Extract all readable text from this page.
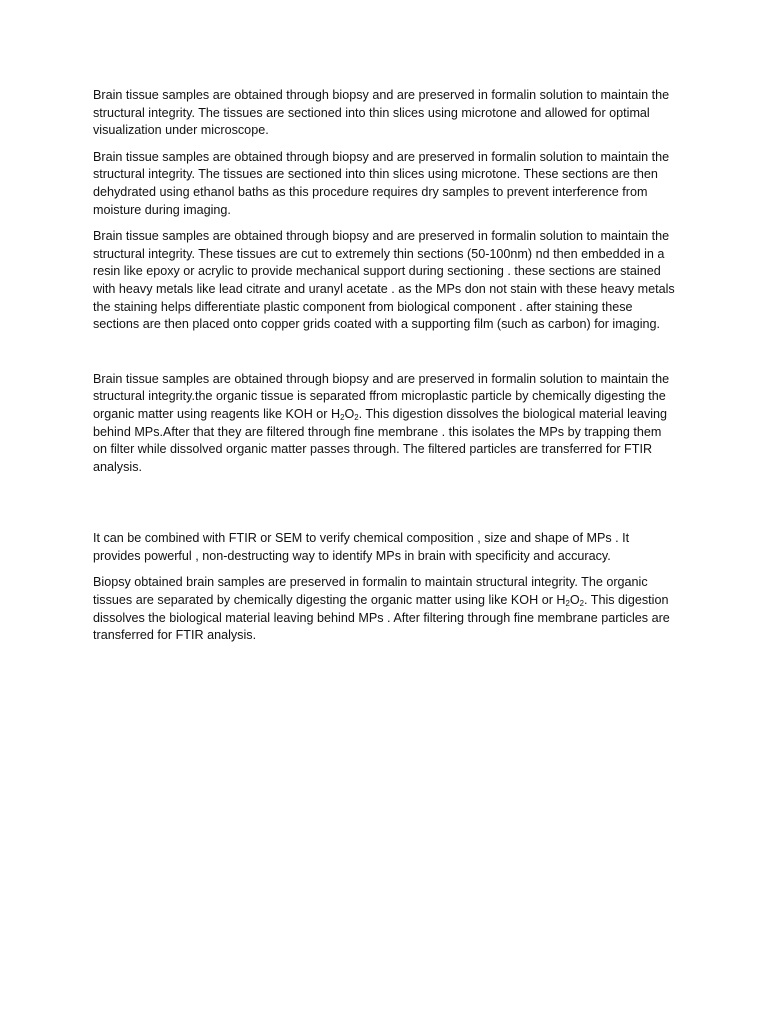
Brain tissue samples are obtained through biopsy and are preserved in formalin solution to maintain the structural integrity. The tissues are sectioned into thin slices using microtone and allowed for optimal visualization under microscope.

Brain tissue samples are obtained through biopsy and are preserved in formalin solution to maintain the structural integrity. The tissues are sectioned into thin slices using microtone. These sections are then dehydrated using ethanol baths as this procedure requires dry samples to prevent interference from moisture during imaging.

Brain tissue samples are obtained through biopsy and are preserved in formalin solution to maintain the structural integrity. These tissues are cut to extremely thin sections (50-100nm) nd then embedded in a resin like epoxy or acrylic to provide mechanical support during sectioning . these sections are stained with heavy metals like lead citrate and uranyl acetate . as the MPs don not stain with these heavy metals the staining helps differentiate plastic component from biological component . after staining these sections are then placed onto copper grids coated with a supporting film (such as carbon) for imaging.

Brain tissue samples are obtained through biopsy and are preserved in formalin solution to maintain the structural integrity.the organic tissue is separated ffrom microplastic particle by chemically digesting the organic matter using reagents like KOH or $H_2O_2$. This digestion dissolves the biological material leaving behind MPs.After that they are filtered through fine membrane . this isolates the MPs by trapping them on filter while dissolved organic matter passes through. The filtered particles are transferred for FTIR analysis.

It can be combined with FTIR or SEM to verify chemical composition , size and shape of MPs . It provides powerful , non-destructing way to identify MPs in brain with specificity and accuracy.

Biopsy obtained brain samples are preserved in formalin to maintain structural integrity. The organic tissues are separated by chemically digesting the organic matter using like KOH or $H_2O_2$. This digestion dissolves the biological material leaving behind MPs . After filtering through fine membrane particles are transferred for FTIR analysis.
